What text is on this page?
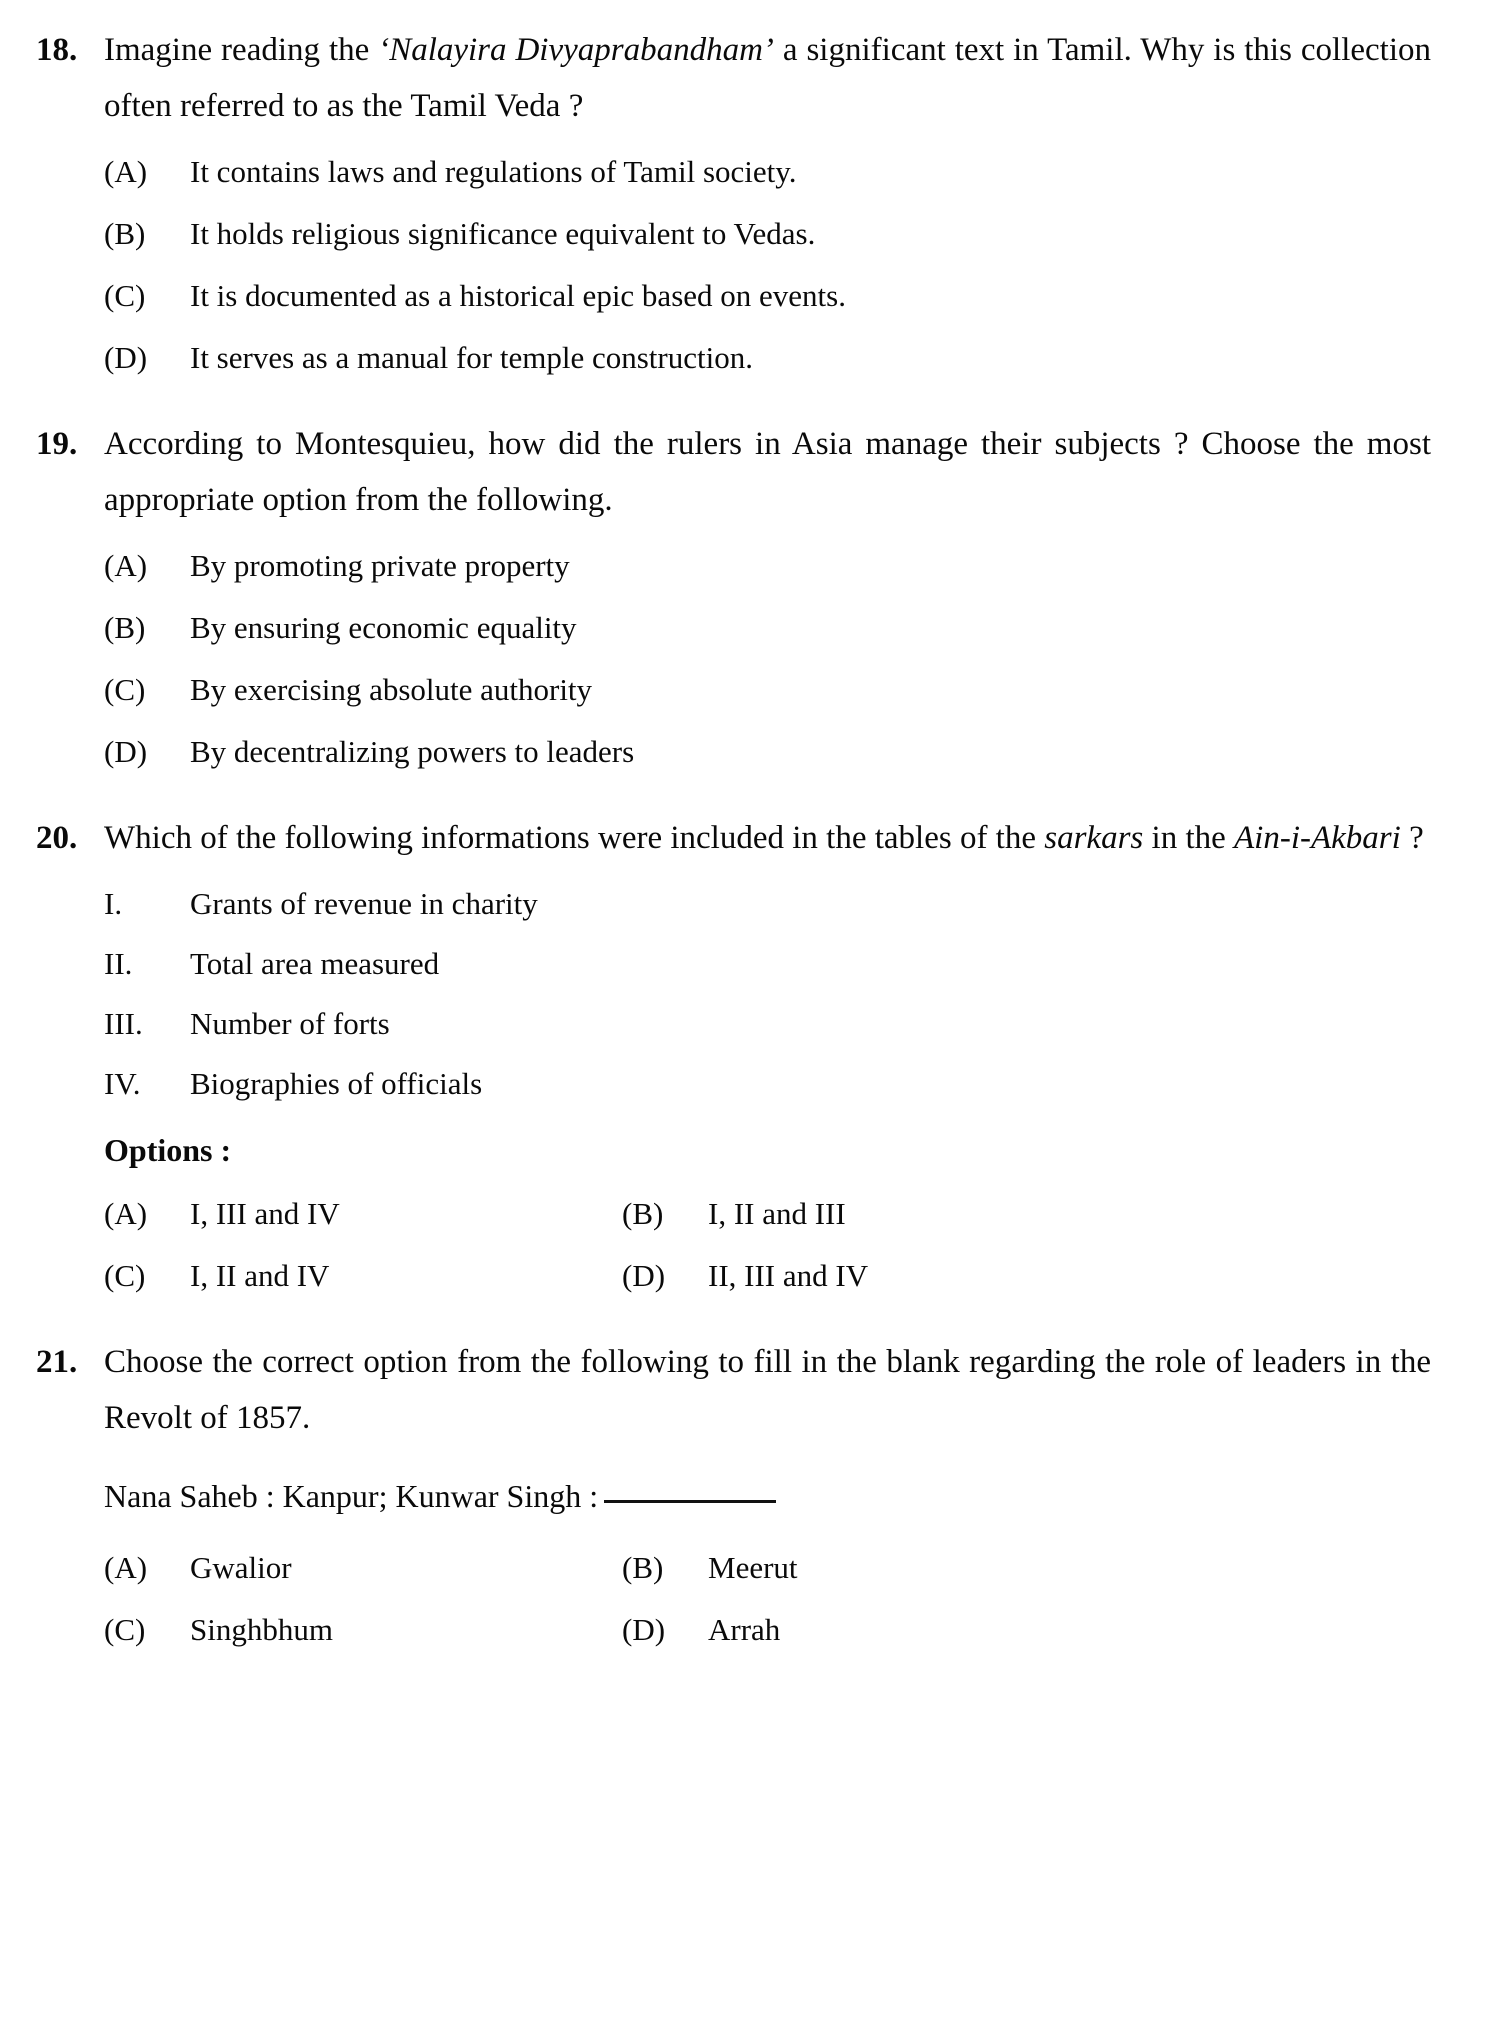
18. Imagine reading the ‘Nalayira Divyaprabandham’ a significant text in Tamil. Why is this collection often referred to as the Tamil Veda ?

(A)	It contains laws and regulations of Tamil society.
(B)	It holds religious significance equivalent to Vedas.
(C)	It is documented as a historical epic based on events.
(D)	It serves as a manual for temple construction.
19. According to Montesquieu, how did the rulers in Asia manage their subjects ? Choose the most appropriate option from the following.

(A)	By promoting private property
(B)	By ensuring economic equality
(C)	By exercising absolute authority
(D)	By decentralizing powers to leaders
20. Which of the following informations were included in the tables of the sarkars in the Ain-i-Akbari ?

I.	Grants of revenue in charity
II.	Total area measured
III.	Number of forts
IV.	Biographies of officials
Options :
(A)	I, III and IV	(B)	I, II and III
(C)	I, II and IV	(D)	II, III and IV
21. Choose the correct option from the following to fill in the blank regarding the role of leaders in the Revolt of 1857.

Nana Saheb : Kanpur; Kunwar Singh :
(A)	Gwalior	(B)	Meerut
(C)	Singhbhum	(D)	Arrah
